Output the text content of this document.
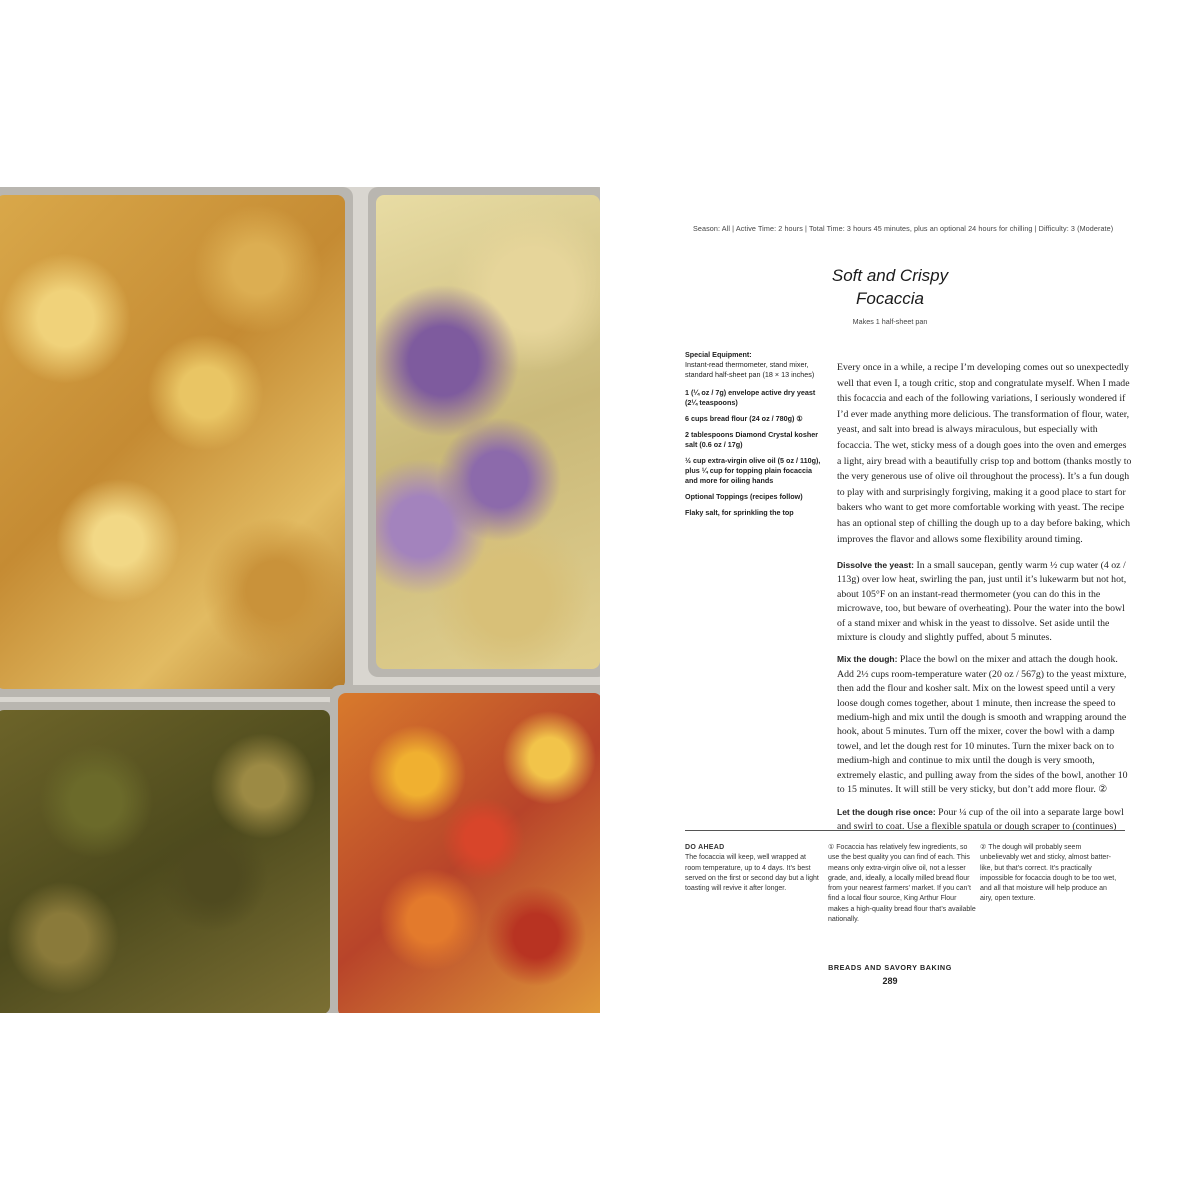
Season: All | Active Time: 2 hours | Total Time: 3 hours 45 minutes, plus an optional 24 hours for chilling | Difficulty: 3 (Moderate)
Soft and Crispy
Focaccia
Makes 1 half-sheet pan
Special Equipment:
Instant-read thermometer, stand mixer, standard half-sheet pan (18 × 13 inches)
1 (¼ oz / 7g) envelope active dry yeast (2¼ teaspoons)
6 cups bread flour (24 oz / 780g) ①
2 tablespoons Diamond Crystal kosher salt (0.6 oz / 17g)
½ cup extra-virgin olive oil (5 oz / 110g), plus ¼ cup for topping plain focaccia and more for oiling hands
Optional Toppings (recipes follow)
Flaky salt, for sprinkling the top

Every once in a while, a recipe I’m developing comes out so unexpectedly well that even I, a tough critic, stop and congratulate myself. When I made this focaccia and each of the following variations, I seriously wondered if I’d ever made anything more delicious. The transformation of flour, water, yeast, and salt into bread is always miraculous, but especially with focaccia. The wet, sticky mess of a dough goes into the oven and emerges a light, airy bread with a beautifully crisp top and bottom (thanks mostly to the very generous use of olive oil throughout the process). It’s a fun dough to play with and surprisingly forgiving, making it a good place to start for bakers who want to get more comfortable working with yeast. The recipe has an optional step of chilling the dough up to a day before baking, which improves the flavor and allows some flexibility around timing.

Dissolve the yeast: In a small saucepan, gently warm ½ cup water (4 oz / 113g) over low heat, swirling the pan, just until it’s lukewarm but not hot, about 105°F on an instant-read thermometer (you can do this in the microwave, too, but beware of overheating). Pour the water into the bowl of a stand mixer and whisk in the yeast to dissolve. Set aside until the mixture is cloudy and slightly puffed, about 5 minutes.

Mix the dough: Place the bowl on the mixer and attach the dough hook. Add 2½ cups room-temperature water (20 oz / 567g) to the yeast mixture, then add the flour and kosher salt. Mix on the lowest speed until a very loose dough comes together, about 1 minute, then increase the speed to medium-high and mix until the dough is smooth and wrapping around the hook, about 5 minutes. Turn off the mixer, cover the bowl with a damp towel, and let the dough rest for 10 minutes. Turn the mixer back on to medium-high and continue to mix until the dough is very smooth, extremely elastic, and pulling away from the sides of the bowl, another 10 to 15 minutes. It will still be very sticky, but don’t add more flour. ②

Let the dough rise once: Pour ¼ cup of the oil into a separate large bowl and swirl to coat. Use a flexible spatula or dough scraper to (continues)

DO AHEAD
The focaccia will keep, well wrapped at room temperature, up to 4 days. It’s best served on the first or second day but a light toasting will revive it after longer.
① Focaccia has relatively few ingredients, so use the best quality you can find of each. This means only extra-virgin olive oil, not a lesser grade, and, ideally, a locally milled bread flour from your nearest farmers’ market. If you can’t find a local flour source, King Arthur Flour makes a high-quality bread flour that’s available nationally.
② The dough will probably seem unbelievably wet and sticky, almost batter-like, but that’s correct. It’s practically impossible for focaccia dough to be too wet, and all that moisture will help produce an airy, open texture.
BREADS AND SAVORY BAKING
289
